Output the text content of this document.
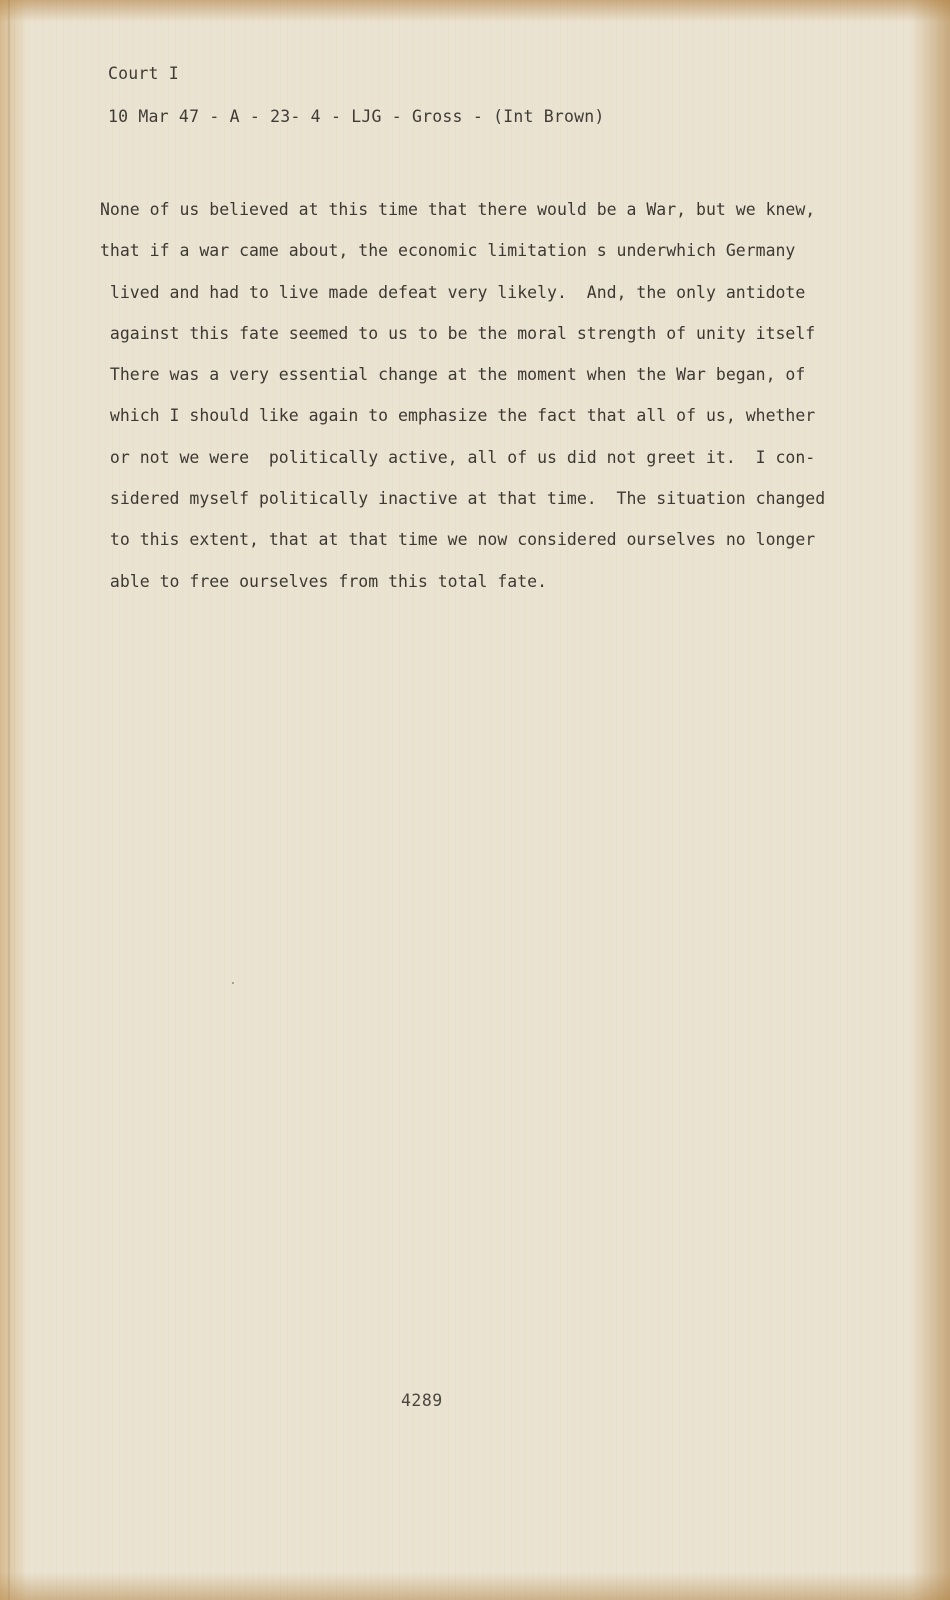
Court I
10 Mar 47 - A - 23- 4 - LJG - Gross - (Int Brown)
None of us believed at this time that there would be a War, but we knew,
that if a war came about, the economic limitation s underwhich Germany
lived and had to live made defeat very likely.  And, the only antidote
against this fate seemed to us to be the moral strength of unity itself
There was a very essential change at the moment when the War began, of
which I should like again to emphasize the fact that all of us, whether
or not we were  politically active, all of us did not greet it.  I con-
sidered myself politically inactive at that time.  The situation changed
to this extent, that at that time we now considered ourselves no longer
able to free ourselves from this total fate.
4289
